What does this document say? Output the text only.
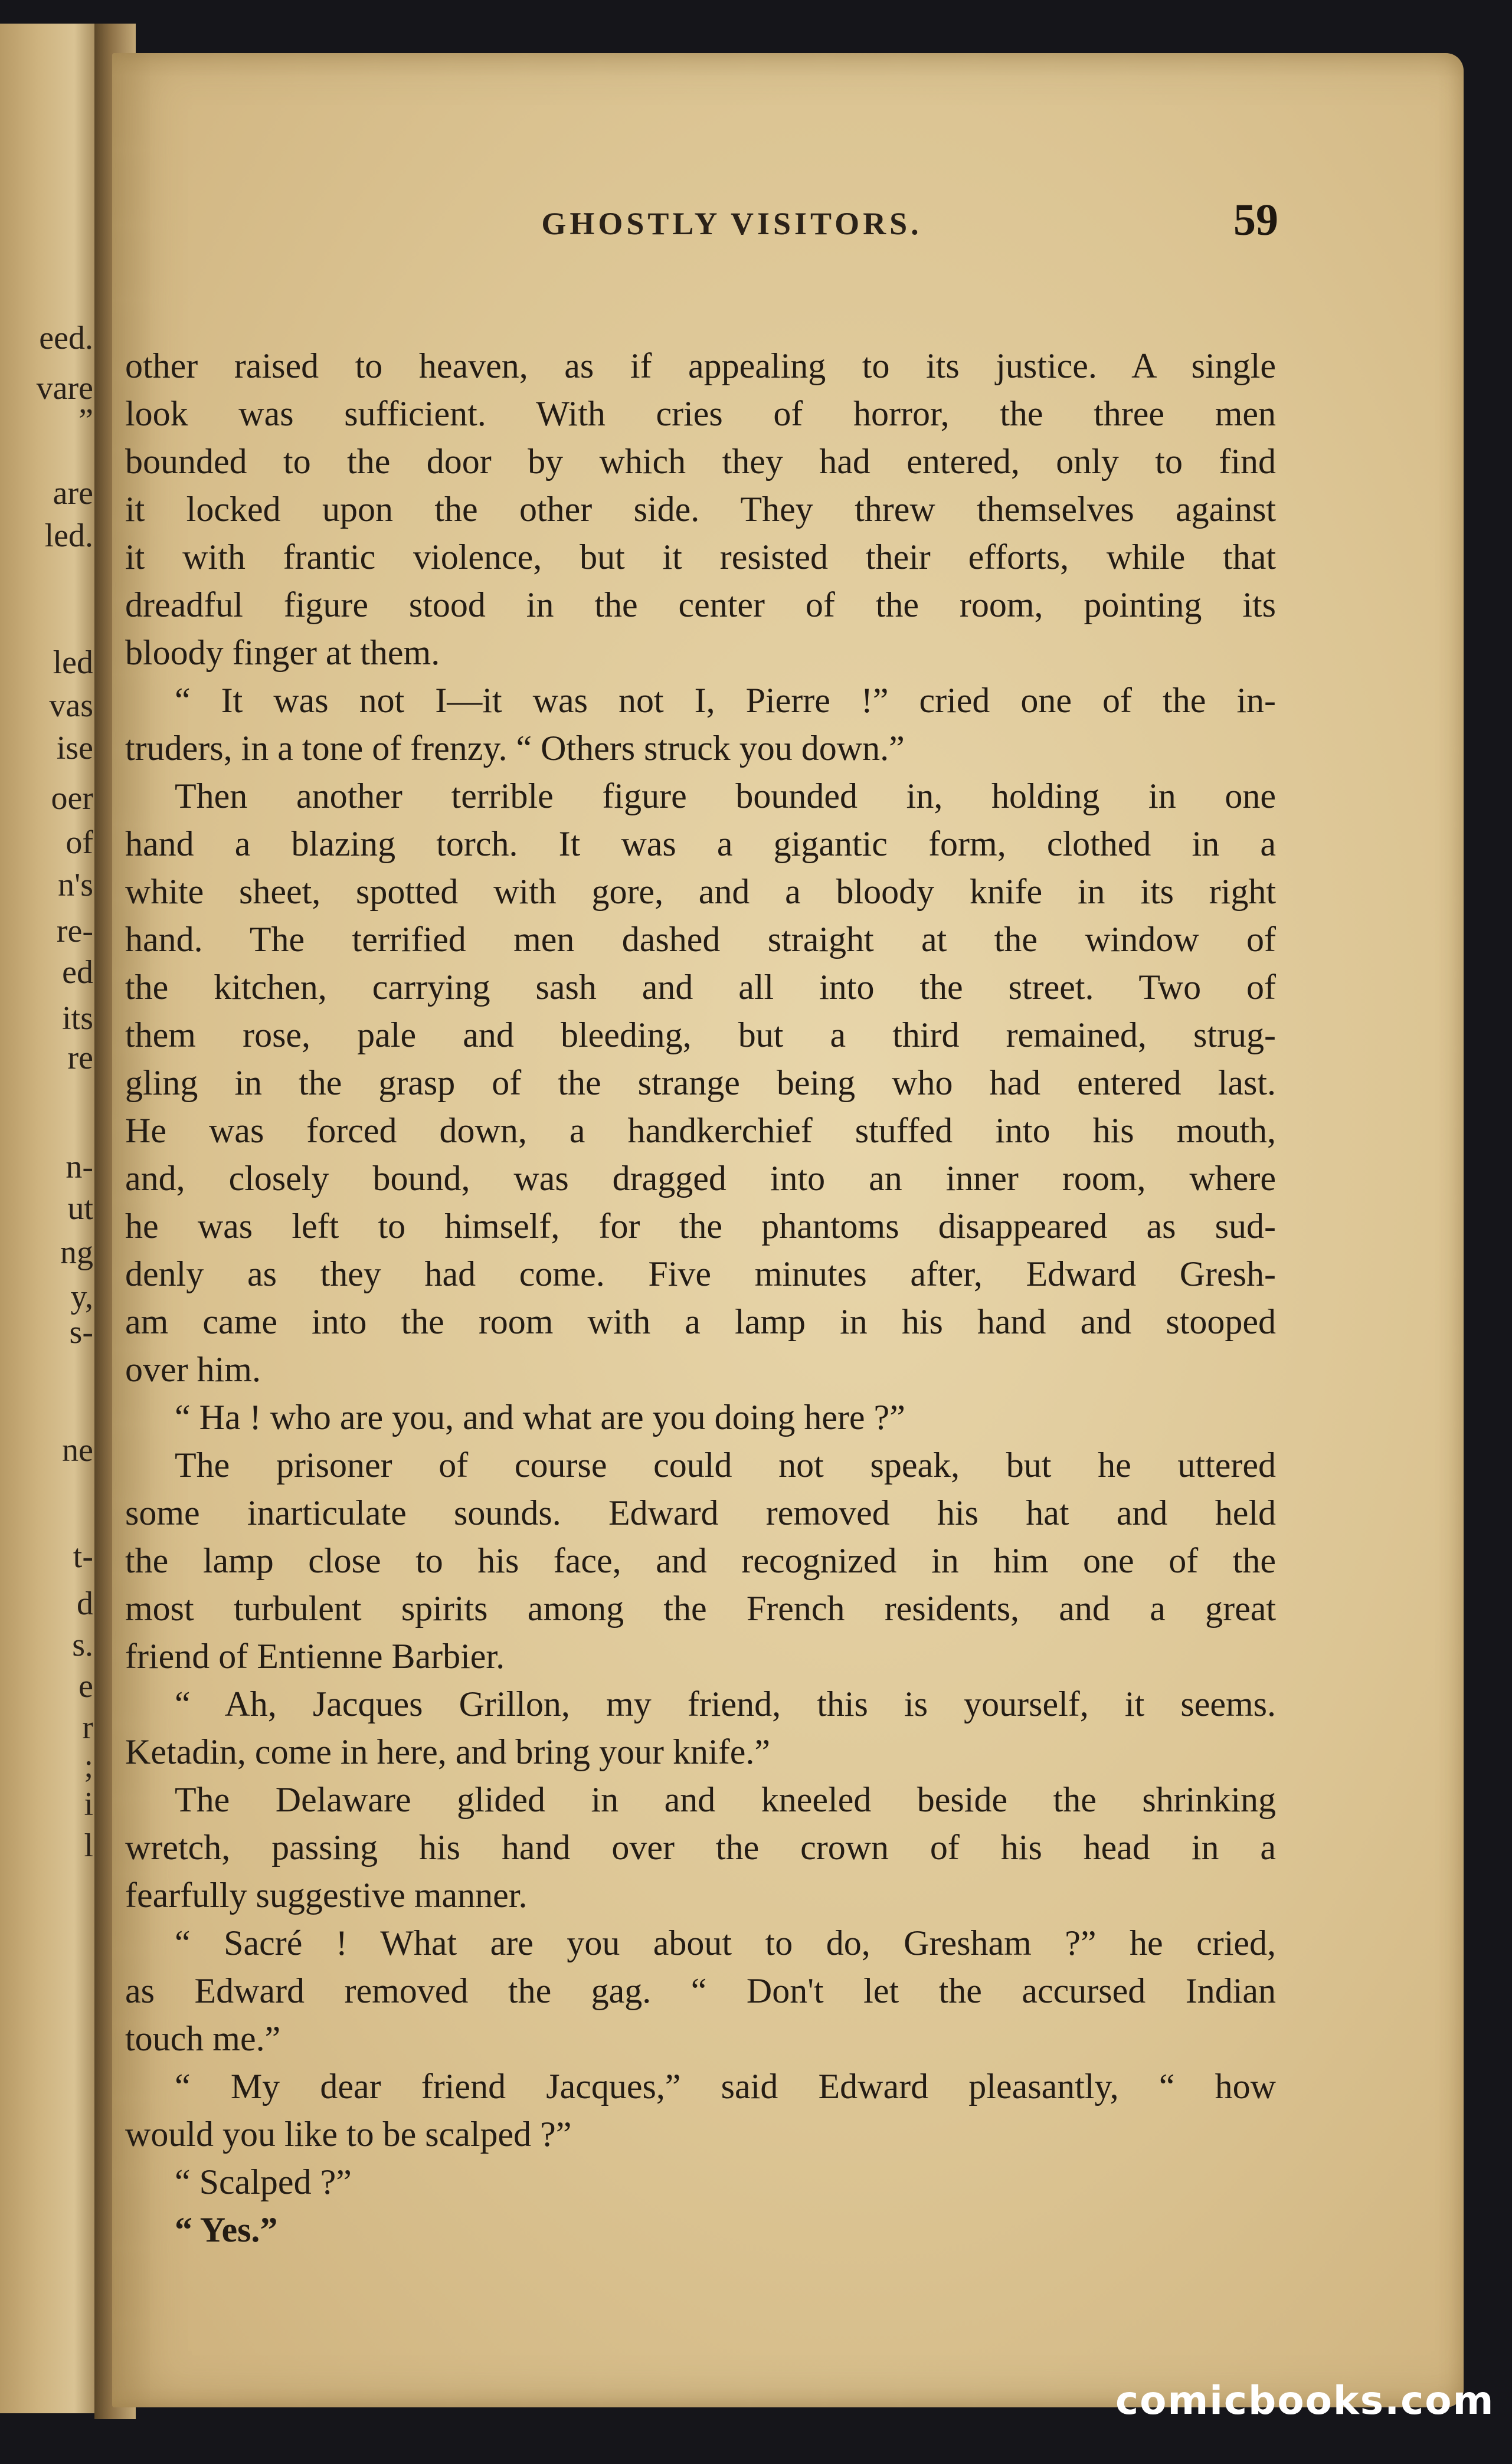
eed.
vare
”
are
led.
led
vas
ise
oer
of
n's
re-
ed
its
re
n-
ut
ng
y,
s-
ne
t-
d
s.
e
r
;
i
l
GHOSTLY VISITORS.	59
other raised to heaven, as if appealing to its justice. A single
look was sufficient. With cries of horror, the three men
bounded to the door by which they had entered, only to find
it locked upon the other side. They threw themselves against
it with frantic violence, but it resisted their efforts, while that
dreadful figure stood in the center of the room, pointing its
bloody finger at them.
“ It was not I—it was not I, Pierre !” cried one of the in-
truders, in a tone of frenzy. “ Others struck you down.”
Then another terrible figure bounded in, holding in one
hand a blazing torch. It was a gigantic form, clothed in a
white sheet, spotted with gore, and a bloody knife in its right
hand. The terrified men dashed straight at the window of
the kitchen, carrying sash and all into the street. Two of
them rose, pale and bleeding, but a third remained, strug-
gling in the grasp of the strange being who had entered last.
He was forced down, a handkerchief stuffed into his mouth,
and, closely bound, was dragged into an inner room, where
he was left to himself, for the phantoms disappeared as sud-
denly as they had come. Five minutes after, Edward Gresh-
am came into the room with a lamp in his hand and stooped
over him.
“ Ha ! who are you, and what are you doing here ?”
The prisoner of course could not speak, but he uttered
some inarticulate sounds. Edward removed his hat and held
the lamp close to his face, and recognized in him one of the
most turbulent spirits among the French residents, and a great
friend of Entienne Barbier.
“ Ah, Jacques Grillon, my friend, this is yourself, it seems.
Ketadin, come in here, and bring your knife.”
The Delaware glided in and kneeled beside the shrinking
wretch, passing his hand over the crown of his head in a
fearfully suggestive manner.
“ Sacré ! What are you about to do, Gresham ?” he cried,
as Edward removed the gag. “ Don't let the accursed Indian
touch me.”
“ My dear friend Jacques,” said Edward pleasantly, “ how
would you like to be scalped ?”
“ Scalped ?”
“ Yes.”
comicbooks.com
